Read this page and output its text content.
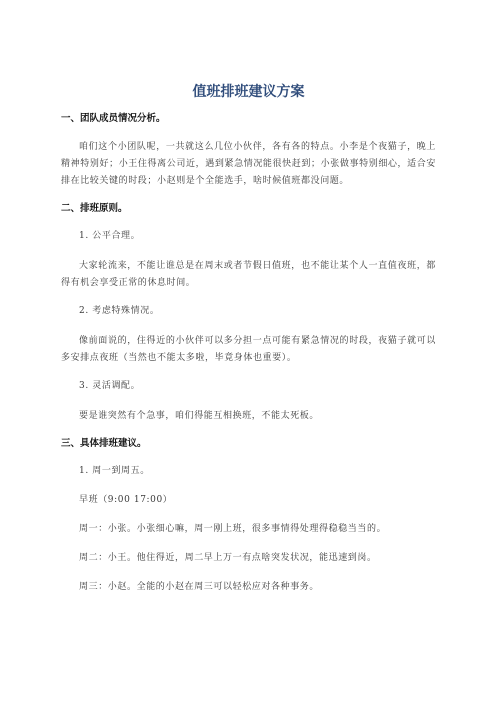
值班排班建议方案
一、团队成员情况分析。

咱们这个小团队呢，一共就这么几位小伙伴，各有各的特点。小李是个夜猫子，晚上精神特别好；小王住得离公司近，遇到紧急情况能很快赶到；小张做事特别细心，适合安排在比较关键的时段；小赵则是个全能选手，啥时候值班都没问题。

二、排班原则。

1. 公平合理。

大家轮流来，不能让谁总是在周末或者节假日值班，也不能让某个人一直值夜班，都得有机会享受正常的休息时间。

2. 考虑特殊情况。

像前面说的，住得近的小伙伴可以多分担一点可能有紧急情况的时段，夜猫子就可以多安排点夜班（当然也不能太多啦，毕竟身体也重要）。

3. 灵活调配。

要是谁突然有个急事，咱们得能互相换班，不能太死板。

三、具体排班建议。

1. 周一到周五。

早班（9:00 17:00）

周一：小张。小张细心嘛，周一刚上班，很多事情得处理得稳稳当当的。

周二：小王。他住得近，周二早上万一有点啥突发状况，能迅速到岗。

周三：小赵。全能的小赵在周三可以轻松应对各种事务。
